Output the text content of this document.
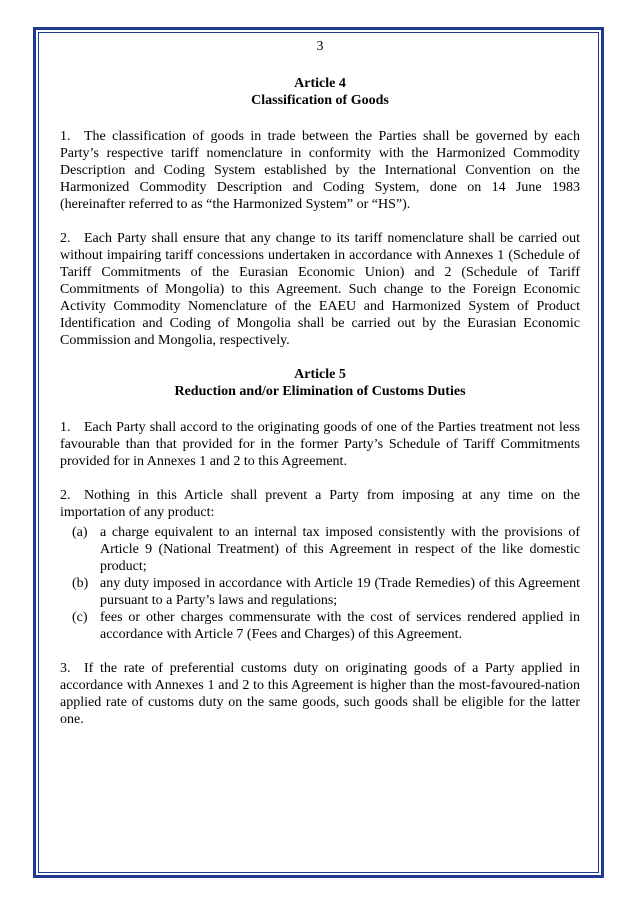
3

Article 4

Classification of Goods

1. The classification of goods in trade between the Parties shall be governed by each Party’s respective tariff nomenclature in conformity with the Harmonized Commodity Description and Coding System established by the International Convention on the Harmonized Commodity Description and Coding System, done on 14 June 1983 (hereinafter referred to as “the Harmonized System” or “HS”).

2. Each Party shall ensure that any change to its tariff nomenclature shall be carried out without impairing tariff concessions undertaken in accordance with Annexes 1 (Schedule of Tariff Commitments of the Eurasian Economic Union) and 2 (Schedule of Tariff Commitments of Mongolia) to this Agreement. Such change to the Foreign Economic Activity Commodity Nomenclature of the EAEU and Harmonized System of Product Identification and Coding of Mongolia shall be carried out by the Eurasian Economic Commission and Mongolia, respectively.

Article 5

Reduction and/or Elimination of Customs Duties

1. Each Party shall accord to the originating goods of one of the Parties treatment not less favourable than that provided for in the former Party’s Schedule of Tariff Commitments provided for in Annexes 1 and 2 to this Agreement.

2. Nothing in this Article shall prevent a Party from imposing at any time on the importation of any product:

(a) a charge equivalent to an internal tax imposed consistently with the provisions of Article 9 (National Treatment) of this Agreement in respect of the like domestic product;
(b) any duty imposed in accordance with Article 19 (Trade Remedies) of this Agreement pursuant to a Party’s laws and regulations;
(c) fees or other charges commensurate with the cost of services rendered applied in accordance with Article 7 (Fees and Charges) of this Agreement.

3. If the rate of preferential customs duty on originating goods of a Party applied in accordance with Annexes 1 and 2 to this Agreement is higher than the most-favoured-nation applied rate of customs duty on the same goods, such goods shall be eligible for the latter one.
